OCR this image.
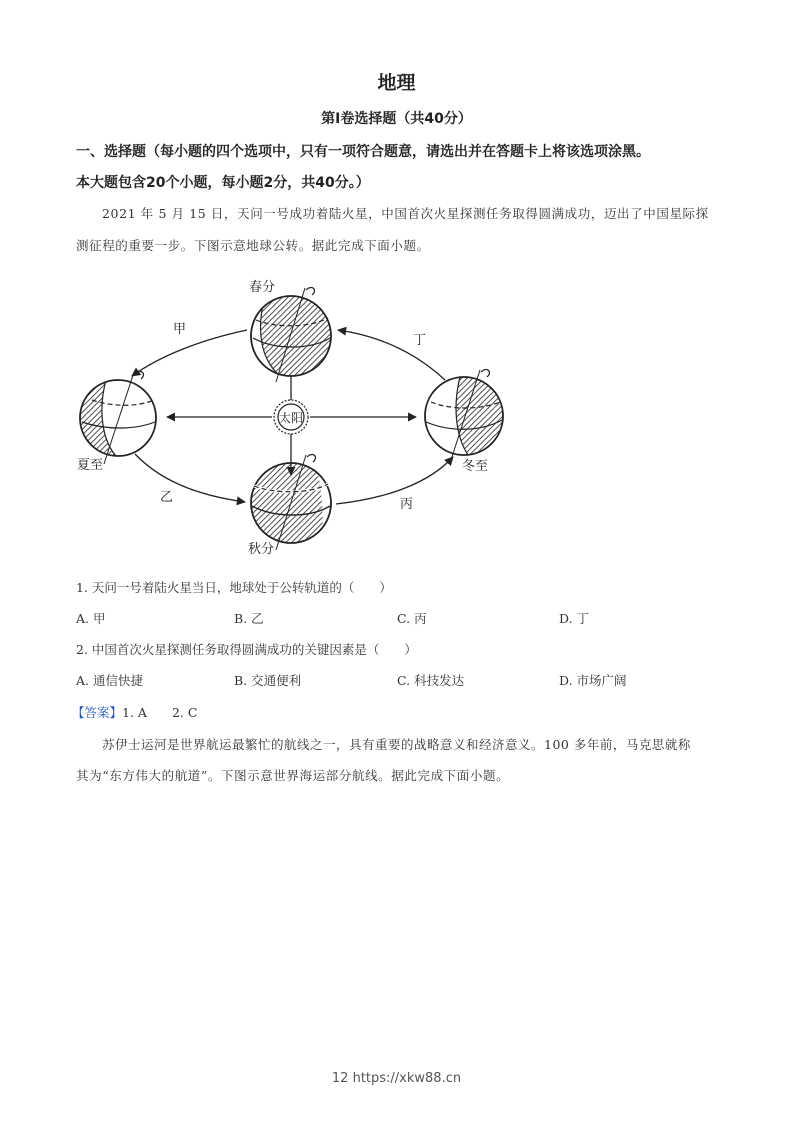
地理
第Ⅰ卷选择题（共40分）
一、选择题（每小题的四个选项中，只有一项符合题意，请选出并在答题卡上将该选项涂黑。
本大题包含20个小题，每小题2分，共40分。）
2021 年 5 月 15 日，天问一号成功着陆火星，中国首次火星探测任务取得圆满成功，迈出了中国星际探
测征程的重要一步。下图示意地球公转。据此完成下面小题。
太阳
春分
夏至
秋分
冬至
甲
乙	丙
丁
1. 天问一号着陆火星当日，地球处于公转轨道的（　　）
A. 甲	B. 乙	C. 丙	D. 丁
2. 中国首次火星探测任务取得圆满成功的关键因素是（　　）
A. 通信快捷	B. 交通便利	C. 科技发达	D. 市场广阔
【答案】1. A　　2. C
苏伊士运河是世界航运最繁忙的航线之一，具有重要的战略意义和经济意义。100 多年前，马克思就称
其为“东方伟大的航道”。下图示意世界海运部分航线。据此完成下面小题。
12 https://xkw88.cn
